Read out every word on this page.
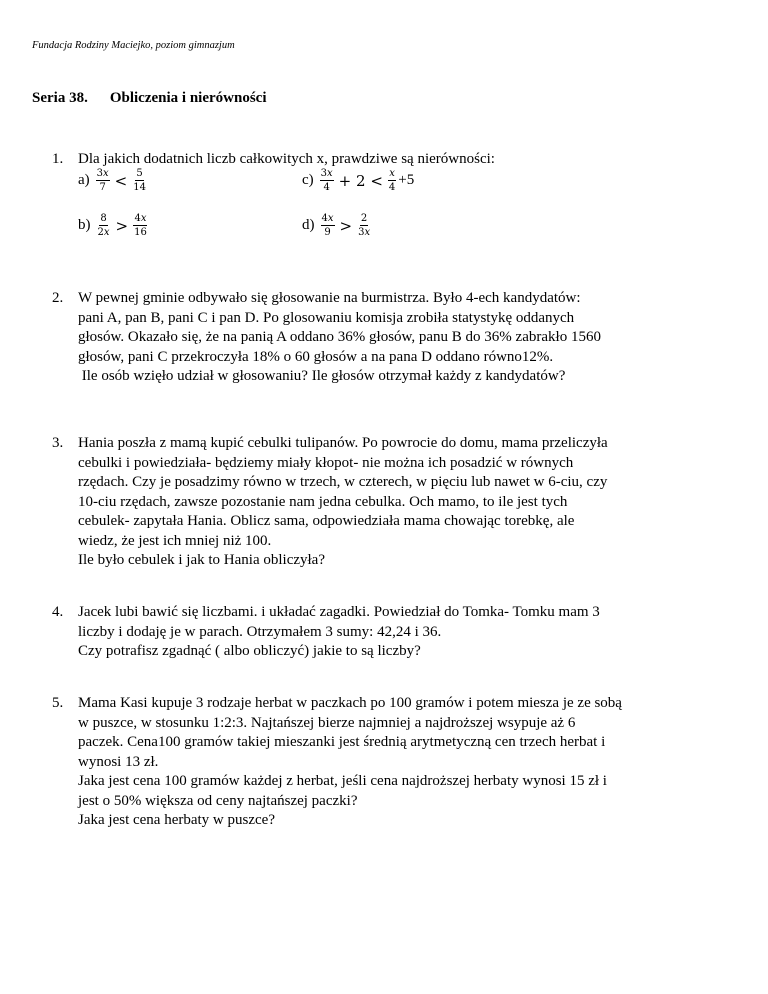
Fundacja Rodziny Maciejko, poziom gimnazjum
Seria 38. Obliczenia i nierówności
1. Dla jakich dodatnich liczb całkowitych x, prawdziwe są nierówności:

$a) \frac{\text{3𝑥}}{7} < \frac{5}{14}$	$c) \frac{\text{3𝑥}}{4} + 2 < \frac{\text{𝑥}}{4} +5$
$b) \frac{8}{\text{2𝑥}} > \frac{\text{4𝑥}}{16}$	$d) \frac{\text{4𝑥}}{9} > \frac{2}{\text{3𝑥}}$
2. W pewnej gminie odbywało się głosowanie na burmistrza. Było 4-ech kandydatów:

pani A, pan B, pani C i pan D. Po glosowaniu komisja zrobiła statystykę oddanych

głosów. Okazało się, że na panią A oddano 36% głosów, panu B do 36% zabrakło 1560

głosów, pani C przekroczyła 18% o 60 głosów a na pana D oddano równo12%.

Ile osób wzięło udział w głosowaniu? Ile głosów otrzymał każdy z kandydatów?

3. Hania poszła z mamą kupić cebulki tulipanów. Po powrocie do domu, mama przeliczyła

cebulki i powiedziała- będziemy miały kłopot- nie można ich posadzić w równych

rzędach. Czy je posadzimy równo w trzech, w czterech, w pięciu lub nawet w 6-ciu, czy

10-ciu rzędach, zawsze pozostanie nam jedna cebulka. Och mamo, to ile jest tych

cebulek- zapytała Hania. Oblicz sama, odpowiedziała mama chowając torebkę, ale

wiedz, że jest ich mniej niż 100.

Ile było cebulek i jak to Hania obliczyła?

4. Jacek lubi bawić się liczbami. i układać zagadki. Powiedział do Tomka- Tomku mam 3

liczby i dodaję je w parach. Otrzymałem 3 sumy: 42,24 i 36.

Czy potrafisz zgadnąć ( albo obliczyć) jakie to są liczby?

5. Mama Kasi kupuje 3 rodzaje herbat w paczkach po 100 gramów i potem miesza je ze sobą

w puszce, w stosunku 1:2:3. Najtańszej bierze najmniej a najdroższej wsypuje aż 6

paczek. Cena100 gramów takiej mieszanki jest średnią arytmetyczną cen trzech herbat i

wynosi 13 zł.

Jaka jest cena 100 gramów każdej z herbat, jeśli cena najdroższej herbaty wynosi 15 zł i

jest o 50% większa od ceny najtańszej paczki?

Jaka jest cena herbaty w puszce?
